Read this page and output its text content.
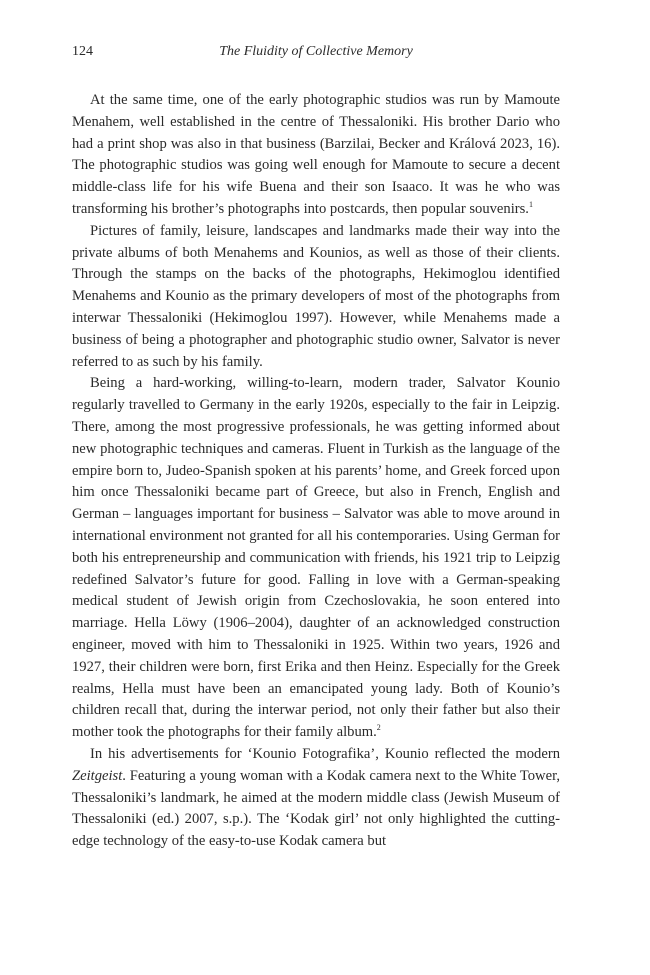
124	The Fluidity of Collective Memory

At the same time, one of the early photographic studios was run by Mamoute Menahem, well established in the centre of Thessaloniki. His brother Dario who had a print shop was also in that business (Barzilai, Becker and Králová 2023, 16). The photographic studios was going well enough for Mamoute to secure a decent middle-class life for his wife Buena and their son Isaaco. It was he who was transforming his brother’s photographs into postcards, then popular souvenirs.$^1$

Pictures of family, leisure, landscapes and landmarks made their way into the private albums of both Menahems and Kounios, as well as those of their clients. Through the stamps on the backs of the photographs, Hekimoglou identified Menahems and Kounio as the primary developers of most of the photographs from interwar Thessaloniki (Hekimoglou 1997). However, while Menahems made a business of being a photographer and photographic studio owner, Salvator is never referred to as such by his family.

Being a hard-working, willing-to-learn, modern trader, Salvator Kounio regularly travelled to Germany in the early 1920s, especially to the fair in Leipzig. There, among the most progressive professionals, he was getting informed about new photographic techniques and cameras. Fluent in Turkish as the language of the empire born to, Judeo-Spanish spoken at his parents’ home, and Greek forced upon him once Thessaloniki became part of Greece, but also in French, English and German – languages important for business – Salvator was able to move around in international environment not granted for all his contemporaries. Using German for both his entrepreneurship and communication with friends, his 1921 trip to Leipzig redefined Salvator’s future for good. Falling in love with a German-speaking medical student of Jewish origin from Czechoslovakia, he soon entered into marriage. Hella Löwy (1906–2004), daughter of an acknowledged construction engineer, moved with him to Thessaloniki in 1925. Within two years, 1926 and 1927, their children were born, first Erika and then Heinz. Especially for the Greek realms, Hella must have been an emancipated young lady. Both of Kounio’s children recall that, during the interwar period, not only their father but also their mother took the photographs for their family album.$^2$

In his advertisements for ‘Kounio Fotografika’, Kounio reflected the modern Zeitgeist. Featuring a young woman with a Kodak camera next to the White Tower, Thessaloniki’s landmark, he aimed at the modern middle class (Jewish Museum of Thessaloniki (ed.) 2007, s.p.). The ‘Kodak girl’ not only highlighted the cutting-edge technology of the easy-to-use Kodak camera but
